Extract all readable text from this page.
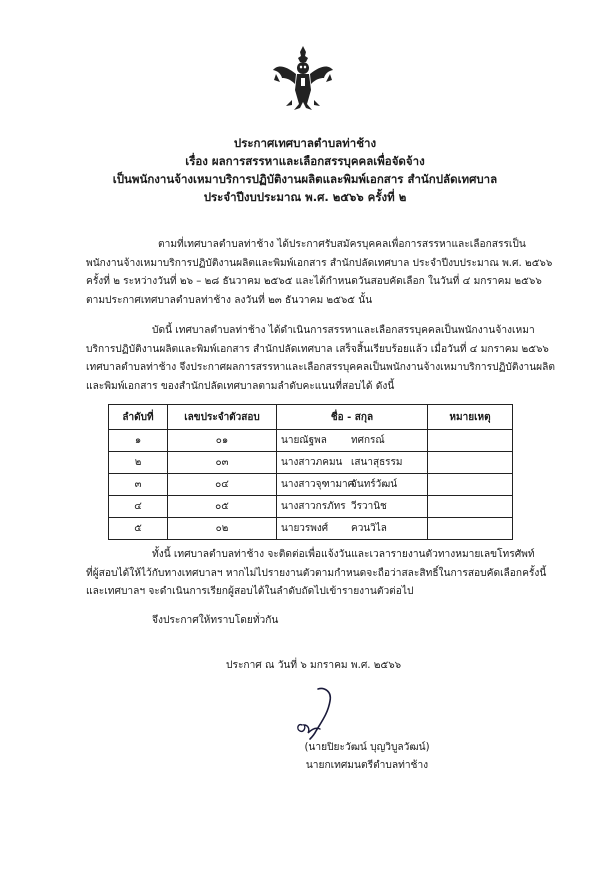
ประกาศเทศบาลตำบลท่าช้าง
เรื่อง ผลการสรรหาและเลือกสรรบุคคลเพื่อจัดจ้าง
เป็นพนักงานจ้างเหมาบริการปฏิบัติงานผลิตและพิมพ์เอกสาร สำนักปลัดเทศบาล
ประจำปีงบประมาณ พ.ศ. ๒๕๖๖ ครั้งที่ ๒
ตามที่เทศบาลตำบลท่าช้าง ได้ประกาศรับสมัครบุคคลเพื่อการสรรหาและเลือกสรรเป็น
พนักงานจ้างเหมาบริการปฏิบัติงานผลิตและพิมพ์เอกสาร สำนักปลัดเทศบาล ประจำปีงบประมาณ พ.ศ. ๒๕๖๖
ครั้งที่ ๒ ระหว่างวันที่ ๒๖ – ๒๘ ธันวาคม ๒๕๖๕ และได้กำหนดวันสอบคัดเลือก ในวันที่ ๔ มกราคม ๒๕๖๖
ตามประกาศเทศบาลตำบลท่าช้าง ลงวันที่ ๒๓ ธันวาคม ๒๕๖๕ นั้น
บัดนี้ เทศบาลตำบลท่าช้าง ได้ดำเนินการสรรหาและเลือกสรรบุคคลเป็นพนักงานจ้างเหมา
บริการปฏิบัติงานผลิตและพิมพ์เอกสาร สำนักปลัดเทศบาล เสร็จสิ้นเรียบร้อยแล้ว เมื่อวันที่ ๔ มกราคม ๒๕๖๖
เทศบาลตำบลท่าช้าง จึงประกาศผลการสรรหาและเลือกสรรบุคคลเป็นพนักงานจ้างเหมาบริการปฏิบัติงานผลิต
และพิมพ์เอกสาร ของสำนักปลัดเทศบาลตามลำดับคะแนนที่สอบได้ ดังนี้
ลำดับที่	เลขประจำตัวสอบ	ชื่อ - สกุล	หมายเหตุ
๑	๐๑	นายณัฐพล ทศกรณ์	
๒	๐๓	นางสาวภคมน เสนาสุธรรม	
๓	๐๔	นางสาวจุฑามาศจันทร์วัฒน์	
๔	๐๕	นางสาวกรภัทร วีรวานิช	
๕	๐๒	นายวรพงศ์ ควนวิไล	
ทั้งนี้ เทศบาลตำบลท่าช้าง จะติดต่อเพื่อแจ้งวันและเวลารายงานตัวทางหมายเลขโทรศัพท์
ที่ผู้สอบได้ให้ไว้กับทางเทศบาลฯ หากไม่ไปรายงานตัวตามกำหนดจะถือว่าสละสิทธิ์ในการสอบคัดเลือกครั้งนี้
และเทศบาลฯ จะดำเนินการเรียกผู้สอบได้ในลำดับถัดไปเข้ารายงานตัวต่อไป
จึงประกาศให้ทราบโดยทั่วกัน
ประกาศ ณ วันที่ ๖ มกราคม พ.ศ. ๒๕๖๖
(นายปิยะวัฒน์ บุญวิบูลวัฒน์)
นายกเทศมนตรีตำบลท่าช้าง
